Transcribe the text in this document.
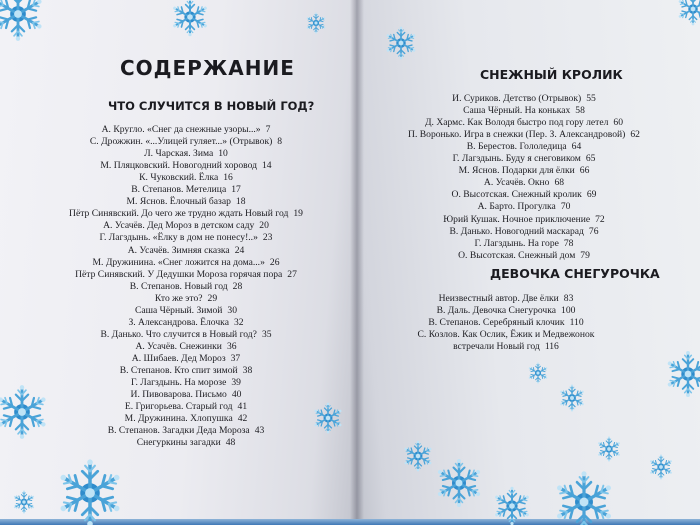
СОДЕРЖАНИЕ
ЧТО СЛУЧИТСЯ В НОВЫЙ ГОД?
А. Кругло. «Снег да снежные узоры...» 7
С. Дрожжин. «...Улицей гуляет...» (Отрывок) 8
Л. Чарская. Зима 10
М. Пляцковский. Новогодний хоровод 14
К. Чуковский. Ёлка 16
В. Степанов. Метелица 17
М. Яснов. Ёлочный базар 18
Пётр Синявский. До чего же трудно ждать Новый год 19
А. Усачёв. Дед Мороз в детском саду 20
Г. Лагздынь. «Ёлку в дом не понесу!..» 23
А. Усачёв. Зимняя сказка 24
М. Дружинина. «Снег ложится на дома...» 26
Пётр Синявский. У Дедушки Мороза горячая пора 27
В. Степанов. Новый год 28
Кто же это? 29
Саша Чёрный. Зимой 30
З. Александрова. Ёлочка 32
В. Данько. Что случится в Новый год? 35
А. Усачёв. Снежинки 36
А. Шибаев. Дед Мороз 37
В. Степанов. Кто спит зимой 38
Г. Лагздынь. На морозе 39
И. Пивоварова. Письмо 40
Е. Григорьева. Старый год 41
М. Дружинина. Хлопушка 42
В. Степанов. Загадки Деда Мороза 43
Снегуркины загадки 48
СНЕЖНЫЙ КРОЛИК
И. Суриков. Детство (Отрывок) 55
Саша Чёрный. На коньках 58
Д. Хармс. Как Володя быстро под гору летел 60
П. Воронько. Игра в снежки (Пер. З. Александровой) 62
В. Берестов. Гололедица 64
Г. Лагздынь. Буду я снеговиком 65
М. Яснов. Подарки для ёлки 66
А. Усачёв. Окно 68
О. Высотская. Снежный кролик 69
А. Барто. Прогулка 70
Юрий Кушак. Ночное приключение 72
В. Данько. Новогодний маскарад 76
Г. Лагздынь. На горе 78
О. Высотская. Снежный дом 79
ДЕВОЧКА СНЕГУРОЧКА
Неизвестный автор. Две ёлки 83
В. Даль. Девочка Снегурочка 100
В. Степанов. Серебряный клочик 110
С. Козлов. Как Ослик, Ёжик и Медвежонок
встречали Новый год 116
